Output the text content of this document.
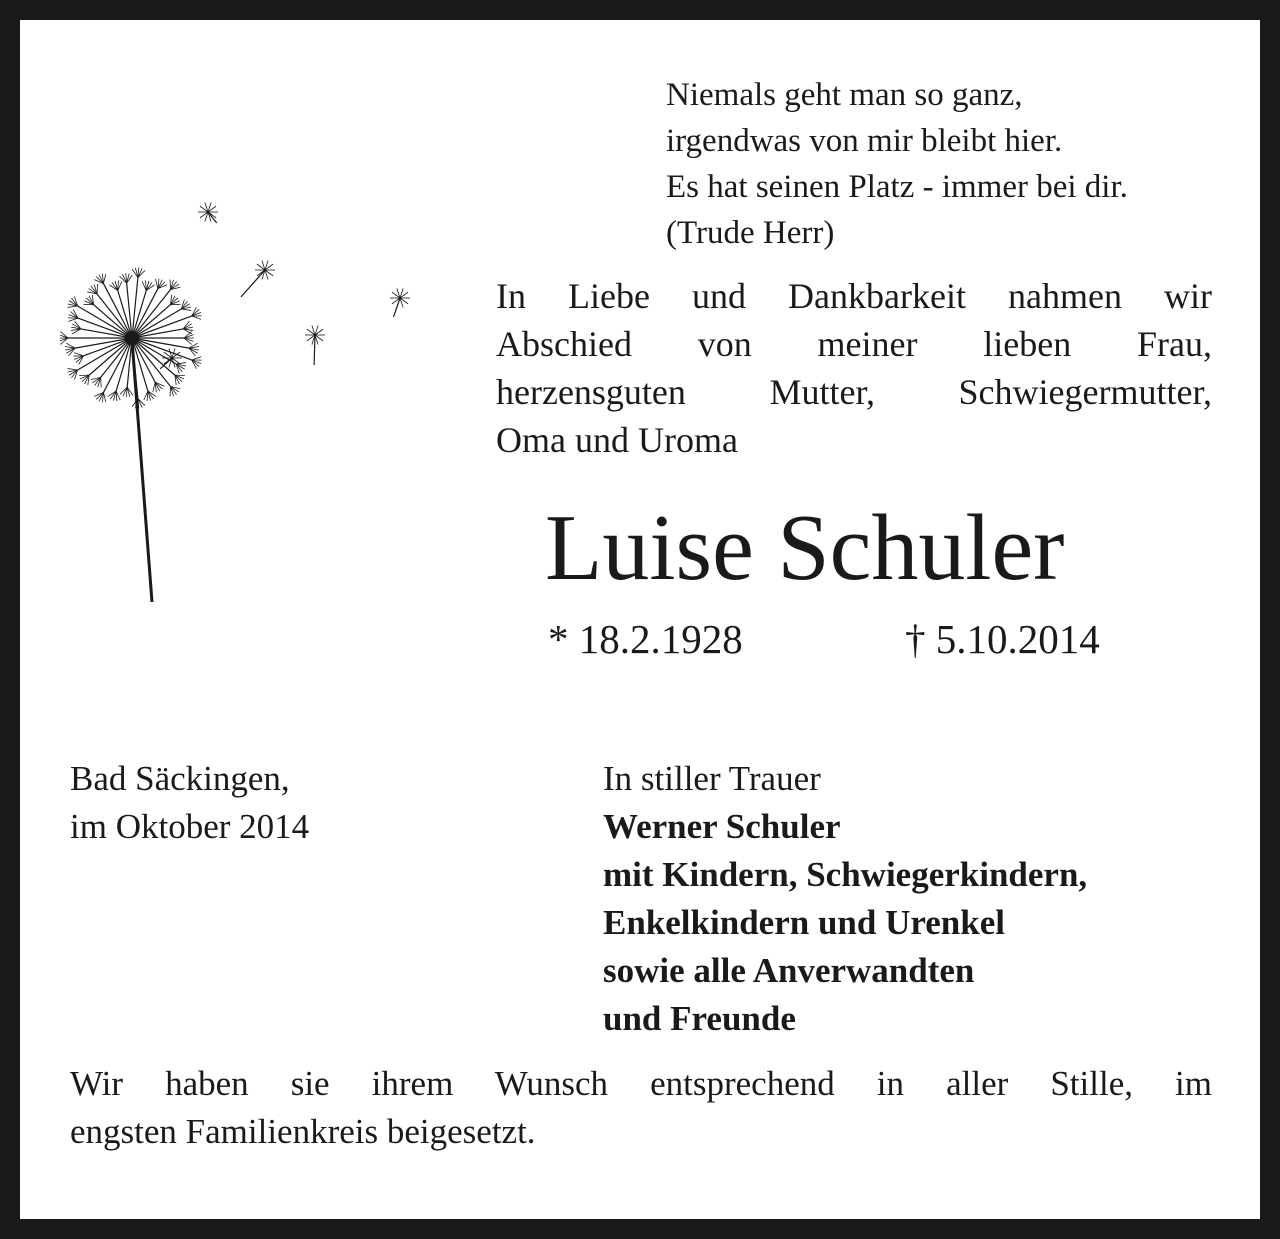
Niemals geht man so ganz,
irgendwas von mir bleibt hier.
Es hat seinen Platz - immer bei dir.
(Trude Herr)
In Liebe und Dankbarkeit nahmen wir
Abschied von meiner lieben Frau,
herzensguten Mutter, Schwiegermutter,
Oma und Uroma
Luise Schuler
* 18.2.1928	† 5.10.2014
Bad Säckingen,
im Oktober 2014
In stiller Trauer
Werner Schuler
mit Kindern, Schwiegerkindern,
Enkelkindern und Urenkel
sowie alle Anverwandten
und Freunde
Wir haben sie ihrem Wunsch entsprechend in aller Stille, im
engsten Familienkreis beigesetzt.
